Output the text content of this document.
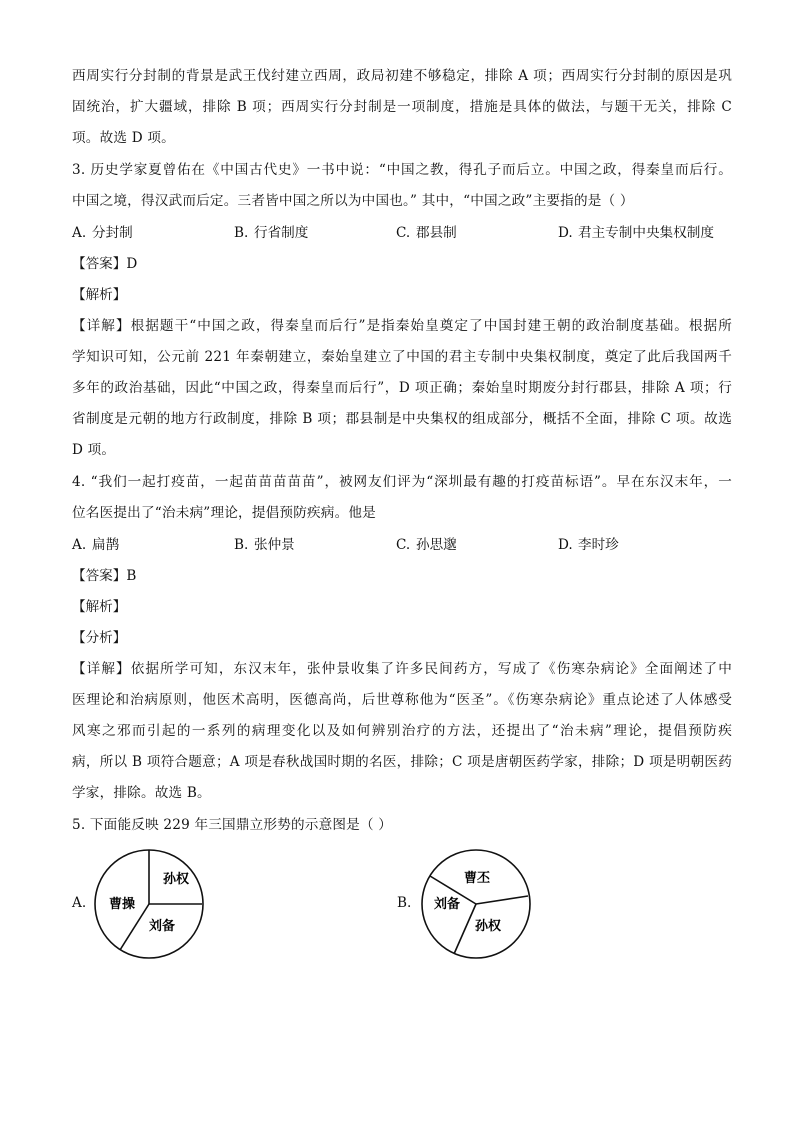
西周实行分封制的背景是武王伐纣建立西周，政局初建不够稳定，排除 A 项；西周实行分封制的原因是巩
固统治，扩大疆域，排除 B 项；西周实行分封制是一项制度，措施是具体的做法，与题干无关，排除 C
项。故选 D 项。
3. 历史学家夏曾佑在《中国古代史》一书中说：“中国之教，得孔子而后立。中国之政，得秦皇而后行。
中国之境，得汉武而后定。三者皆中国之所以为中国也。” 其中，“中国之政”主要指的是（ ）
A. 分封制	B. 行省制度	C. 郡县制	D. 君主专制中央集权制度
【答案】D
【解析】
【详解】根据题干“中国之政，得秦皇而后行”是指秦始皇奠定了中国封建王朝的政治制度基础。根据所
学知识可知，公元前 221 年秦朝建立，秦始皇建立了中国的君主专制中央集权制度，奠定了此后我国两千
多年的政治基础，因此“中国之政，得秦皇而后行”，D 项正确；秦始皇时期废分封行郡县，排除 A 项；行
省制度是元朝的地方行政制度，排除 B 项；郡县制是中央集权的组成部分，概括不全面，排除 C 项。故选
D 项。
4. “我们一起打疫苗，一起苗苗苗苗苗”，被网友们评为“深圳最有趣的打疫苗标语”。早在东汉末年，一
位名医提出了“治未病”理论，提倡预防疾病。他是
A. 扁鹊	B. 张仲景	C. 孙思邈	D. 李时珍
【答案】B
【解析】
【分析】
【详解】依据所学可知，东汉末年，张仲景收集了许多民间药方，写成了《伤寒杂病论》全面阐述了中
医理论和治病原则，他医术高明，医德高尚，后世尊称他为“医圣”。《伤寒杂病论》重点论述了人体感受
风寒之邪而引起的一系列的病理变化以及如何辨别治疗的方法，还提出了“治未病”理论，提倡预防疾
病，所以 B 项符合题意；A 项是春秋战国时期的名医，排除；C 项是唐朝医药学家，排除；D 项是明朝医药
学家，排除。故选 B。
5. 下面能反映 229 年三国鼎立形势的示意图是（ ）
A. 曹操
孙权
刘备
B.
曹丕
刘备
孙权
